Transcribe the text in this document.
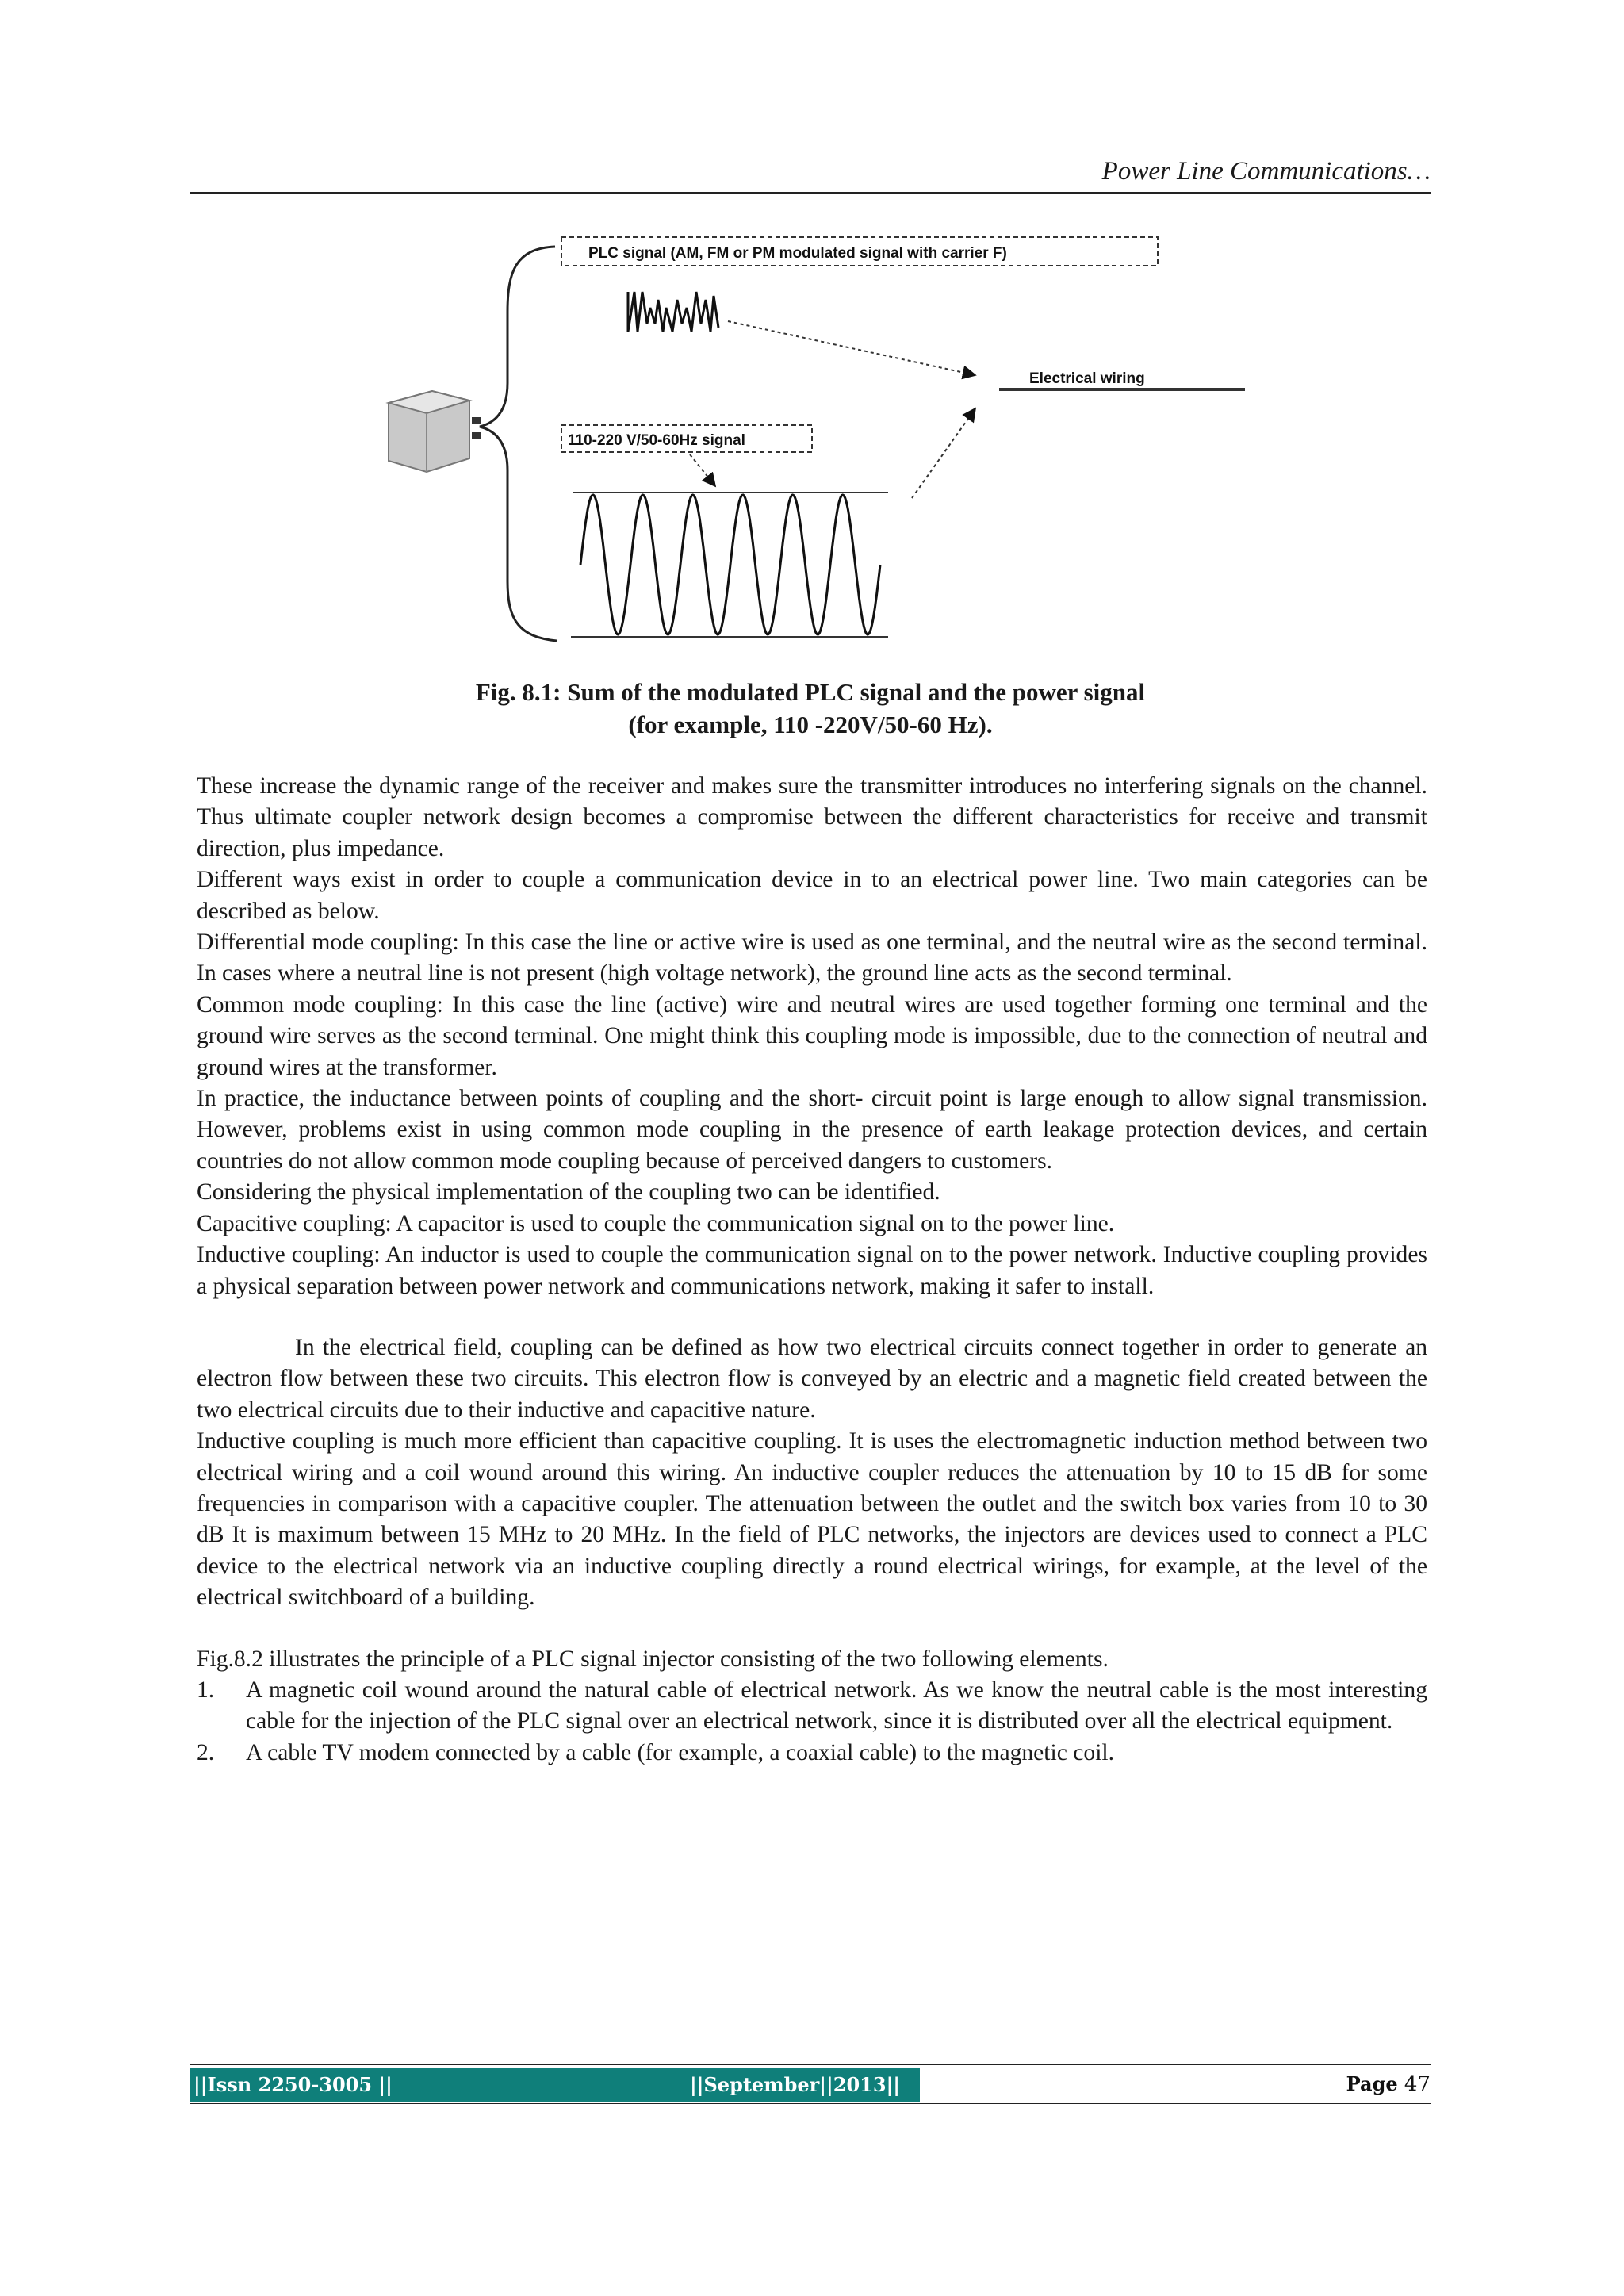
Power Line Communications…
PLC signal (AM, FM or PM modulated signal with carrier F)
Electrical wiring
110-220 V/50-60Hz signal
Fig. 8.1: Sum of the modulated PLC signal and the power signal
(for example, 110 -220V/50-60 Hz).

These increase the dynamic range of the receiver and makes sure the transmitter introduces no interfering signals on the channel. Thus ultimate coupler network design becomes a compromise between the different characteristics for receive and transmit direction, plus impedance.

Different ways exist in order to couple a communication device in to an electrical power line. Two main categories can be described as below.

Differential mode coupling: In this case the line or active wire is used as one terminal, and the neutral wire as the second terminal. In cases where a neutral line is not present (high voltage network), the ground line acts as the second terminal.

Common mode coupling: In this case the line (active) wire and neutral wires are used together forming one terminal and the ground wire serves as the second terminal. One might think this coupling mode is impossible, due to the connection of neutral and ground wires at the transformer.

In practice, the inductance between points of coupling and the short- circuit point is large enough to allow signal transmission. However, problems exist in using common mode coupling in the presence of earth leakage protection devices, and certain countries do not allow common mode coupling because of perceived dangers to customers.

Considering the physical implementation of the coupling two can be identified.

Capacitive coupling: A capacitor is used to couple the communication signal on to the power line.

Inductive coupling: An inductor is used to couple the communication signal on to the power network. Inductive coupling provides a physical separation between power network and communications network, making it safer to install.

In the electrical field, coupling can be defined as how two electrical circuits connect together in order to generate an electron flow between these two circuits. This electron flow is conveyed by an electric and a magnetic field created between the two electrical circuits due to their inductive and capacitive nature.

Inductive coupling is much more efficient than capacitive coupling. It is uses the electromagnetic induction method between two electrical wiring and a coil wound around this wiring. An inductive coupler reduces the attenuation by 10 to 15 dB for some frequencies in comparison with a capacitive coupler. The attenuation between the outlet and the switch box varies from 10 to 30 dB It is maximum between 15 MHz to 20 MHz. In the field of PLC networks, the injectors are devices used to connect a PLC device to the electrical network via an inductive coupling directly a round electrical wirings, for example, at the level of the electrical switchboard of a building.

Fig.8.2 illustrates the principle of a PLC signal injector consisting of the two following elements.

1. A magnetic coil wound around the natural cable of electrical network. As we know the neutral cable is the most interesting cable for the injection of the PLC signal over an electrical network, since it is distributed over all the electrical equipment.
2. A cable TV modem connected by a cable (for example, a coaxial cable) to the magnetic coil.
||Issn 2250-3005 ||	||September||2013||	Page 47
